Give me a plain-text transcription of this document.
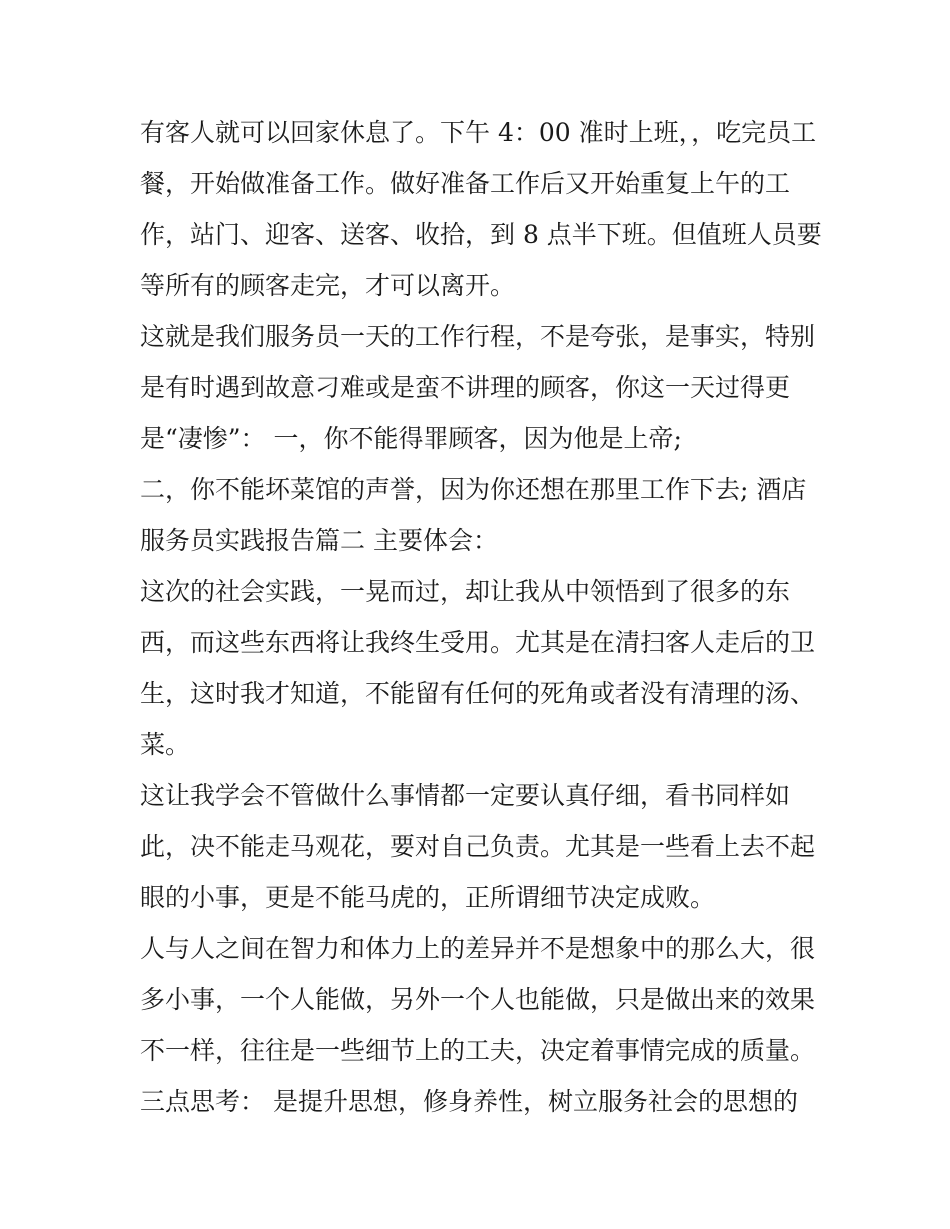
有客人就可以回家休息了。下午 4：00 准时上班，，吃完员工
餐，开始做准备工作。做好准备工作后又开始重复上午的工
作，站门、迎客、送客、收拾，到 8 点半下班。但值班人员要
等所有的顾客走完，才可以离开。
这就是我们服务员一天的工作行程，不是夸张，是事实，特别
是有时遇到故意刁难或是蛮不讲理的顾客，你这一天过得更
是“凄惨”： 一，你不能得罪顾客，因为他是上帝;
二，你不能坏菜馆的声誉，因为你还想在那里工作下去; 酒店
服务员实践报告篇二 主要体会：
这次的社会实践，一晃而过，却让我从中领悟到了很多的东
西，而这些东西将让我终生受用。尤其是在清扫客人走后的卫
生，这时我才知道，不能留有任何的死角或者没有清理的汤、
菜。
这让我学会不管做什么事情都一定要认真仔细，看书同样如
此，决不能走马观花，要对自己负责。尤其是一些看上去不起
眼的小事，更是不能马虎的，正所谓细节决定成败。
人与人之间在智力和体力上的差异并不是想象中的那么大，很
多小事，一个人能做，另外一个人也能做，只是做出来的效果
不一样，往往是一些细节上的工夫，决定着事情完成的质量。
三点思考： 是提升思想，修身养性，树立服务社会的思想的
